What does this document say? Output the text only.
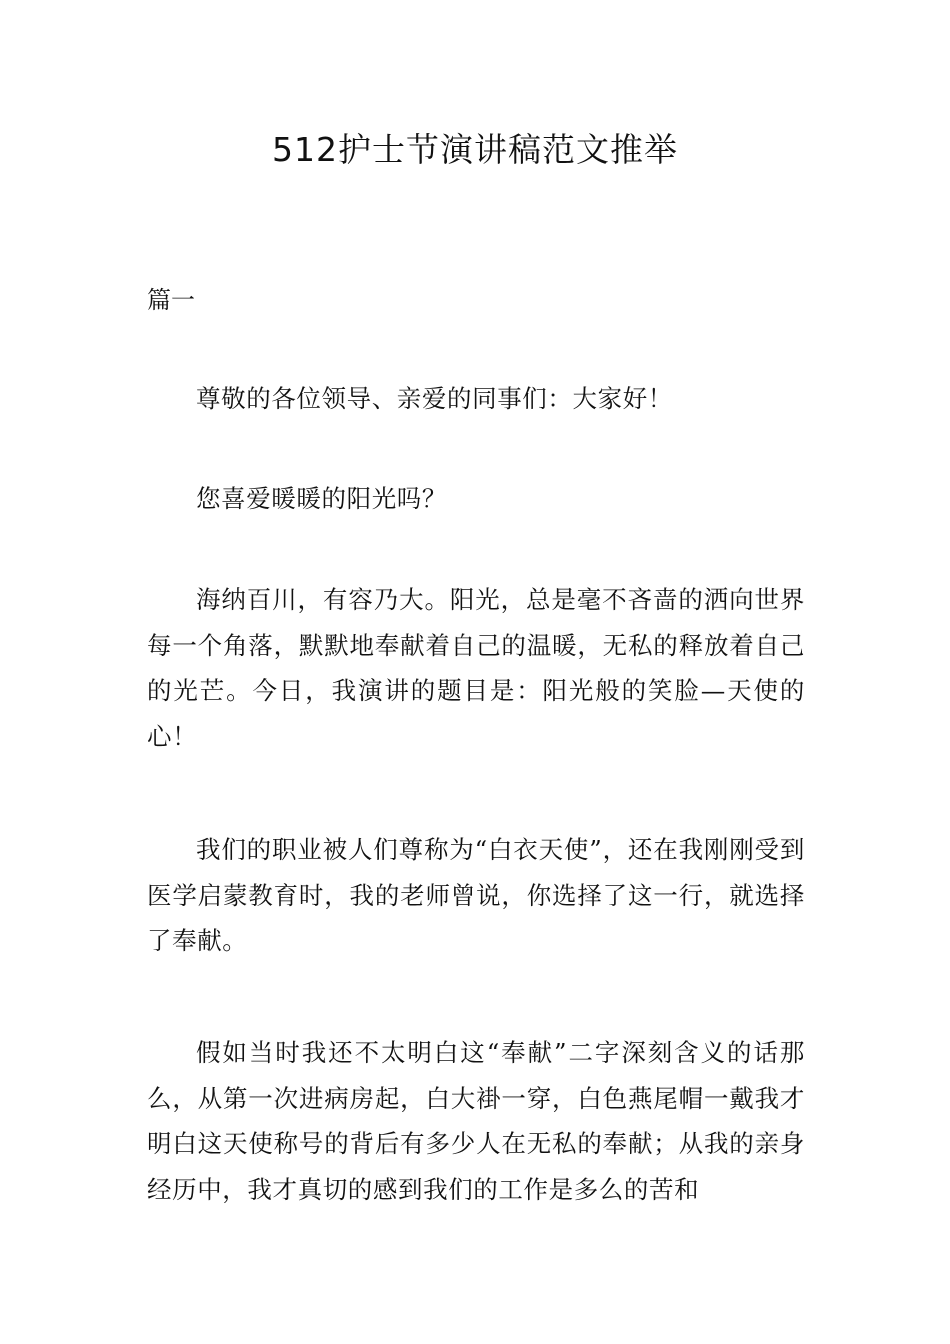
512护士节演讲稿范文推举
篇一

尊敬的各位领导、亲爱的同事们：大家好！

您喜爱暖暖的阳光吗？

海纳百川，有容乃大。阳光，总是毫不吝啬的洒向世界每一个角落，默默地奉献着自己的温暖，无私的释放着自己的光芒。今日，我演讲的题目是：阳光般的笑脸—天使的心！

我们的职业被人们尊称为“白衣天使”，还在我刚刚受到医学启蒙教育时，我的老师曾说，你选择了这一行，就选择了奉献。

假如当时我还不太明白这“奉献”二字深刻含义的话那么，从第一次进病房起，白大褂一穿，白色燕尾帽一戴我才明白这天使称号的背后有多少人在无私的奉献；从我的亲身经历中，我才真切的感到我们的工作是多么的苦和
